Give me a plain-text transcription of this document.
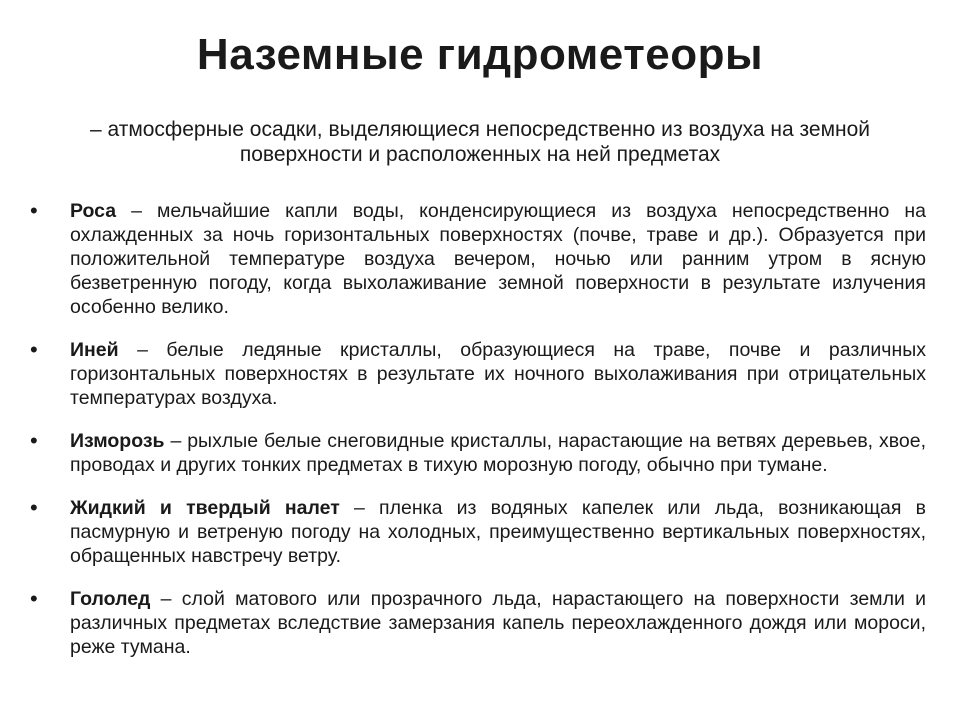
Наземные гидрометеоры

– атмосферные осадки, выделяющиеся непосредственно из воздуха на земной поверхности и расположенных на ней предметах

• Роса – мельчайшие капли воды, конденсирующиеся из воздуха непосредственно на охлажденных за ночь горизонтальных поверхностях (почве, траве и др.). Образуется при положительной температуре воздуха вечером, ночью или ранним утром в ясную безветренную погоду, когда выхолаживание земной поверхности в результате излучения особенно велико.
• Иней – белые ледяные кристаллы, образующиеся на траве, почве и различных горизонтальных поверхностях в результате их ночного выхолаживания при отрицательных температурах воздуха.
• Изморозь – рыхлые белые снеговидные кристаллы, нарастающие на ветвях деревьев, хвое, проводах и других тонких предметах в тихую морозную погоду, обычно при тумане.
• Жидкий и твердый налет – пленка из водяных капелек или льда, возникающая в пасмурную и ветреную погоду на холодных, преимущественно вертикальных поверхностях, обращенных навстречу ветру.
• Гололед – слой матового или прозрачного льда, нарастающего на поверхности земли и различных предметах вследствие замерзания капель переохлажденного дождя или мороси, реже тумана.
